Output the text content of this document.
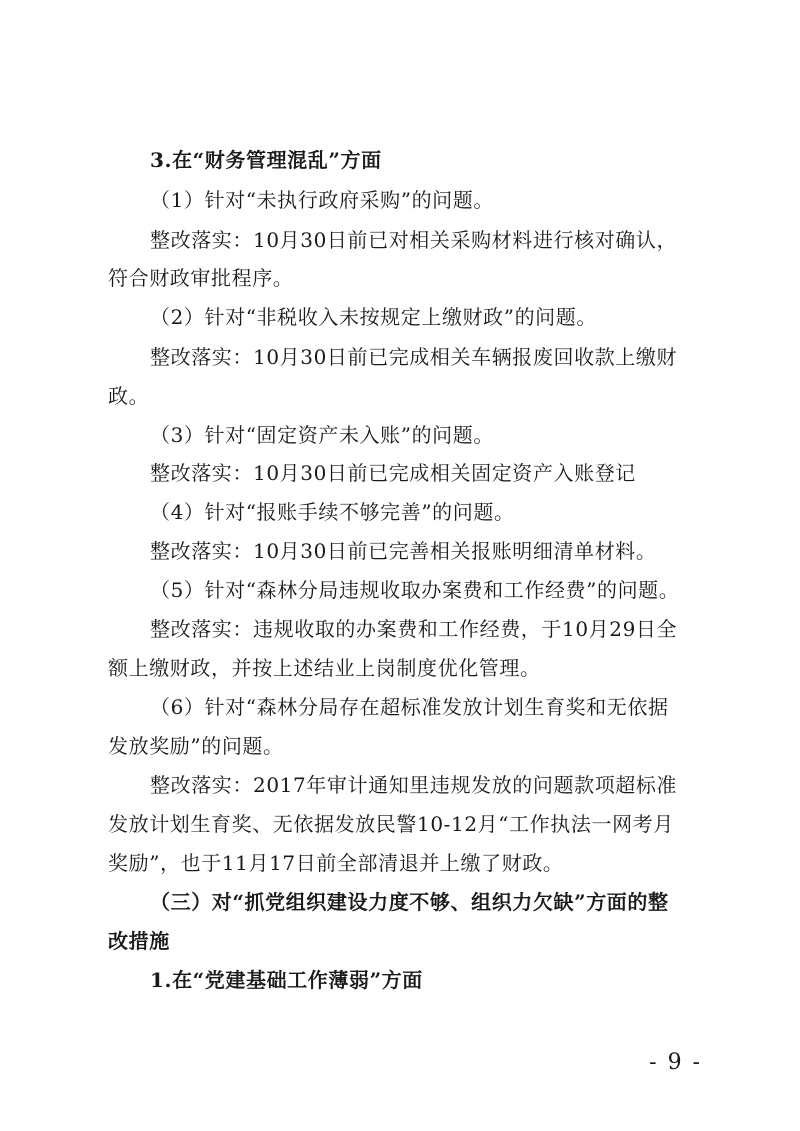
3.在“财务管理混乱”方面
（1）针对“未执行政府采购”的问题。
整改落实：10月30日前已对相关采购材料进行核对确认，
符合财政审批程序。
（2）针对“非税收入未按规定上缴财政”的问题。
整改落实：10月30日前已完成相关车辆报废回收款上缴财
政。
（3）针对“固定资产未入账”的问题。
整改落实：10月30日前已完成相关固定资产入账登记
（4）针对“报账手续不够完善”的问题。
整改落实：10月30日前已完善相关报账明细清单材料。
（5）针对“森林分局违规收取办案费和工作经费”的问题。
整改落实：违规收取的办案费和工作经费，于10月29日全
额上缴财政，并按上述结业上岗制度优化管理。
（6）针对“森林分局存在超标准发放计划生育奖和无依据
发放奖励”的问题。
整改落实：2017年审计通知里违规发放的问题款项超标准
发放计划生育奖、无依据发放民警10-12月“工作执法一网考月
奖励”，也于11月17日前全部清退并上缴了财政。
（三）对“抓党组织建设力度不够、组织力欠缺”方面的整
改措施
1.在“党建基础工作薄弱”方面
- 9 -
